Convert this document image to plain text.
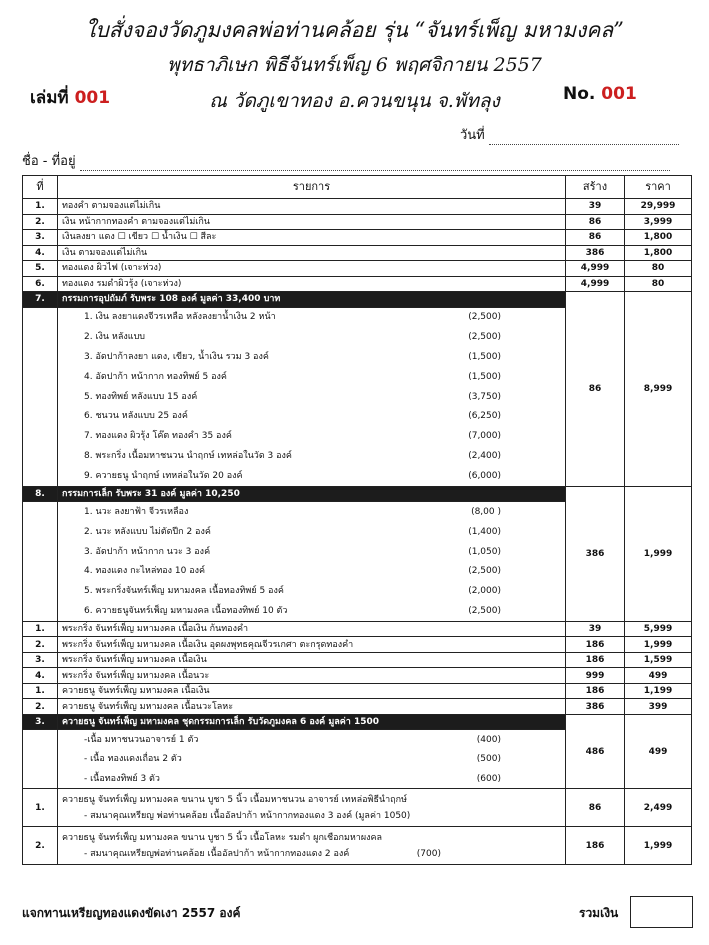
ใบสั่งจองวัดภูมงคลพ่อท่านคล้อย รุ่น “จันทร์เพ็ญ มหามงคล”
พุทธาภิเษก พิธีจันทร์เพ็ญ 6 พฤศจิกายน 2557
ณ วัดภูเขาทอง อ.ควนขนุน จ.พัทลุง
เล่มที่ 001	No. 001
วันที่
ชื่อ - ที่อยู่
ที่	รายการ	สร้าง	ราคา
1.	ทองคำ ตามจองแต่ไม่เกิน	39	29,999
2.	เงิน หน้ากากทองคำ ตามจองแต่ไม่เกิน	86	3,999
3.	เงินลงยา แดง ☐ เขียว ☐ น้ำเงิน ☐ สีละ	86	1,800
4.	เงิน ตามจองแต่ไม่เกิน	386	1,800
5.	ทองแดง ผิวไฟ (เจาะห่วง)	4,999	80
6.	ทองแดง รมดำผิวรุ้ง (เจาะห่วง)	4,999	80
7.	กรรมการอุปถัมภ์ รับพระ 108 องค์ มูลค่า 33,400 บาท	86	8,999

	1. เงิน ลงยาแดงจีวรเหลือ หลังลงยาน้ำเงิน 2 หน้า (2,500)		

	2. เงิน หลังแบบ (2,500)		

	3. อัดปาก้าลงยา แดง, เขียว, น้ำเงิน รวม 3 องค์ (1,500)		

	4. อัดปาก้า หน้ากาก ทองทิพย์ 5 องค์ (1,500)		

	5. ทองทิพย์ หลังแบบ 15 องค์ (3,750)		

	6. ชนวน หลังแบบ 25 องค์ (6,250)		

	7. ทองแดง ผิวรุ้ง โค๊ต ทองคำ 35 องค์ (7,000)		

	8. พระกริ่ง เนื้อมหาชนวน นำฤกษ์ เทหล่อในวัด 3 องค์ (2,400)		

	9. ควายธนู นำฤกษ์ เทหล่อในวัด 20 องค์ (6,000)		

8.	กรรมการเล็ก รับพระ 31 องค์ มูลค่า 10,250	386	1,999

	1. นวะ ลงยาฟ้า จีวรเหลือง (8,00 )		

	2. นวะ หลังแบบ ไม่ตัดปีก 2 องค์ (1,400)		

	3. อัดปาก้า หน้ากาก นวะ 3 องค์ (1,050)		

	4. ทองแดง กะไหล่ทอง 10 องค์ (2,500)		

	5. พระกริ่งจันทร์เพ็ญ มหามงคล เนื้อทองทิพย์ 5 องค์ (2,000)		

	6. ควายธนูจันทร์เพ็ญ มหามงคล เนื้อทองทิพย์ 10 ตัว (2,500)		

1.	พระกริ่ง จันทร์เพ็ญ มหามงคล เนื้อเงิน ก้นทองคำ	39	5,999
2.	พระกริ่ง จันทร์เพ็ญ มหามงคล เนื้อเงิน อุดผงพุทธคุณจีวรเกศา ตะกรุดทองคำ	186	1,999
3.	พระกริ่ง จันทร์เพ็ญ มหามงคล เนื้อเงิน	186	1,599
4.	พระกริ่ง จันทร์เพ็ญ มหามงคล เนื้อนวะ	999	499
1.	ควายธนู จันทร์เพ็ญ มหามงคล เนื้อเงิน	186	1,199
2.	ควายธนู จันทร์เพ็ญ มหามงคล เนื้อนวะโลหะ	386	399
3.	ควายธนู จันทร์เพ็ญ มหามงคล ชุดกรรมการเล็ก รับวัดภูมงคล 6 องค์ มูลค่า 1500	486	499

	-เนื้อ มหาชนวนอาจารย์ 1 ตัว (400)		

	- เนื้อ ทองแดงเถื่อน 2 ตัว (500)		

	- เนื้อทองทิพย์ 3 ตัว (600)		

1.	ควายธนู จันทร์เพ็ญ มหามงคล ขนาน บูชา 5 นิ้ว เนื้อมหาชนวน อาจารย์ เทหล่อพิธีนำฤกษ์
- สมนาคุณเหรียญ พ่อท่านคล้อย เนื้ออัลปาก้า หน้ากากทองแดง 3 องค์ (มูลค่า 1050)	86	2,499
2.	ควายธนู จันทร์เพ็ญ มหามงคล ขนาน บูชา 5 นิ้ว เนื้อโลหะ รมดำ ผูกเชือกมหาผงคล
- สมนาคุณเหรียญพ่อท่านคล้อย เนื้ออัลปาก้า หน้ากากทองแดง 2 องค์ (700)	186	1,999
แจกทานเหรียญทองแดงขัดเงา 2557 องค์	รวมเงิน
